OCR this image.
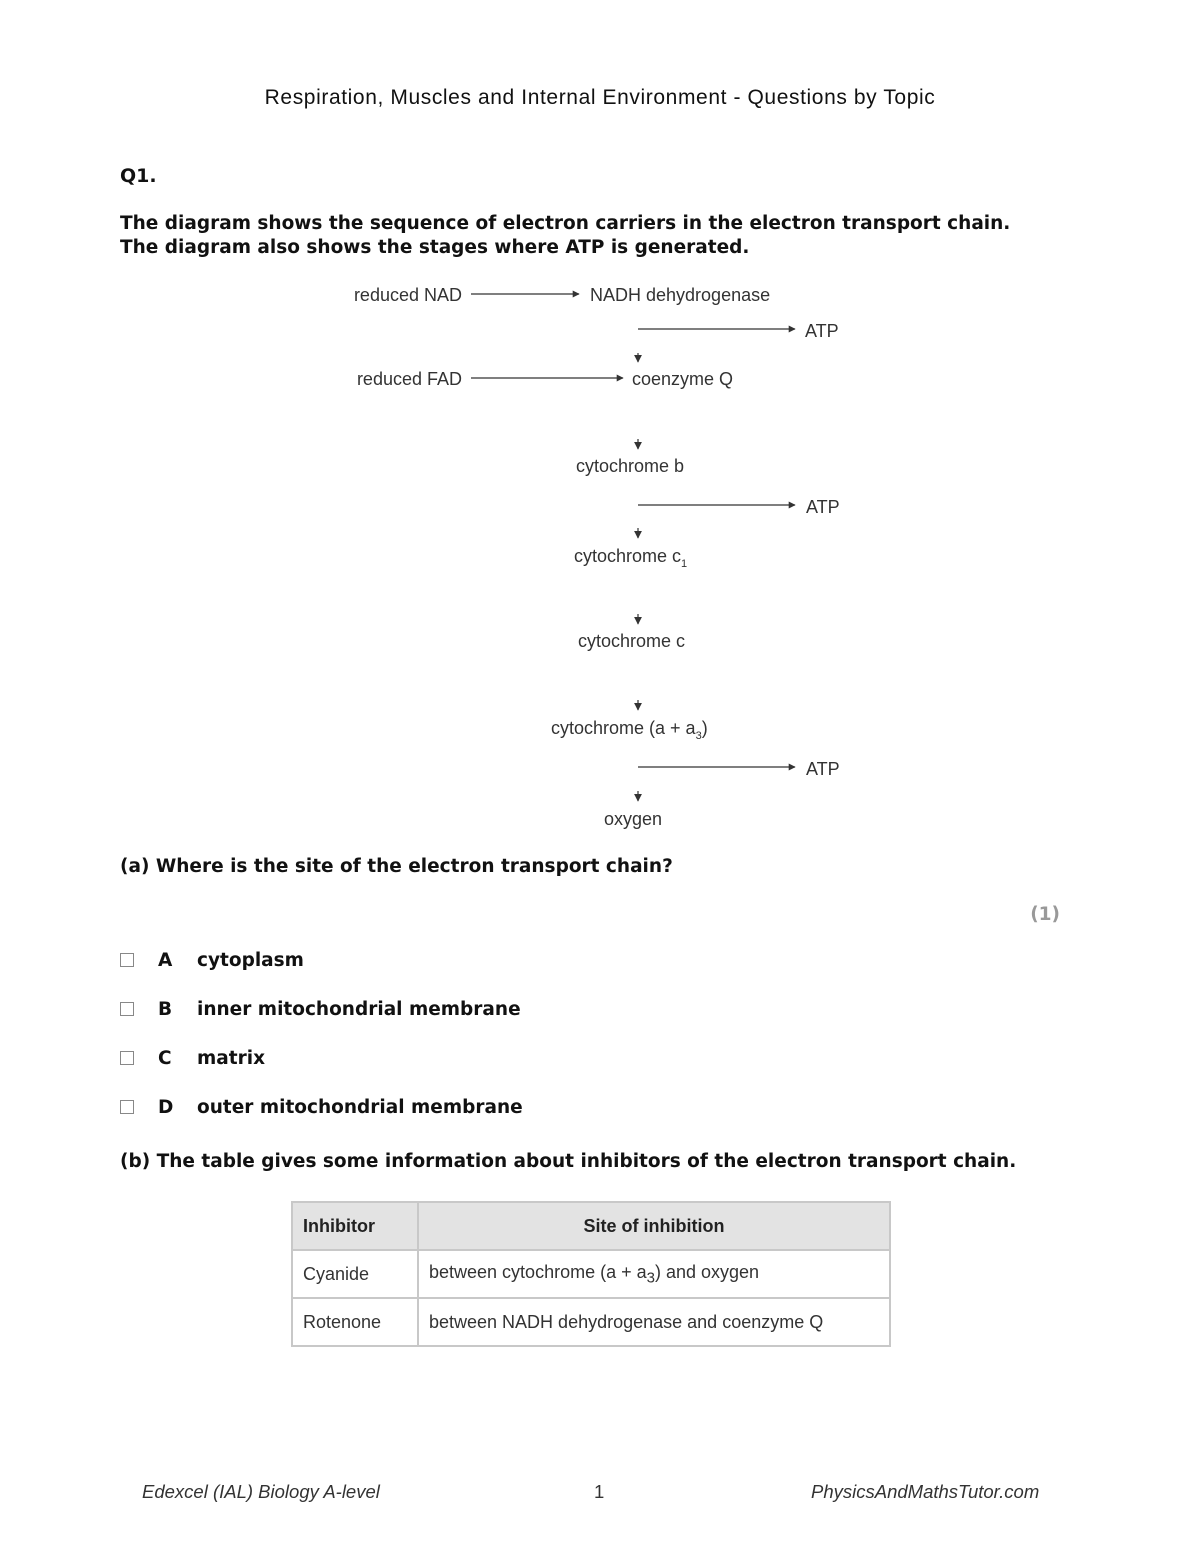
Respiration, Muscles and Internal Environment - Questions by Topic
Q1.

The diagram shows the sequence of electron carriers in the electron transport chain.

The diagram also shows the stages where ATP is generated.

reduced NAD	NADH dehydrogenase
ATP
reduced FAD	coenzyme Q
cytochrome b
ATP
cytochrome $c_1$
cytochrome c
cytochrome $(a + a_3)$
ATP
oxygen
(a) Where is the site of the electron transport chain?
(1)
A	cytoplasm
B	inner mitochondrial membrane
C	matrix
D outer mitochondrial membrane
(b) The table gives some information about inhibitors of the electron transport chain.
Inhibitor	Site of inhibition
Cyanide	between cytochrome $(a + a_3)$ and oxygen
Rotenone	between NADH dehydrogenase and coenzyme Q
Edexcel (IAL) Biology A-level	1	PhysicsAndMathsTutor.com
